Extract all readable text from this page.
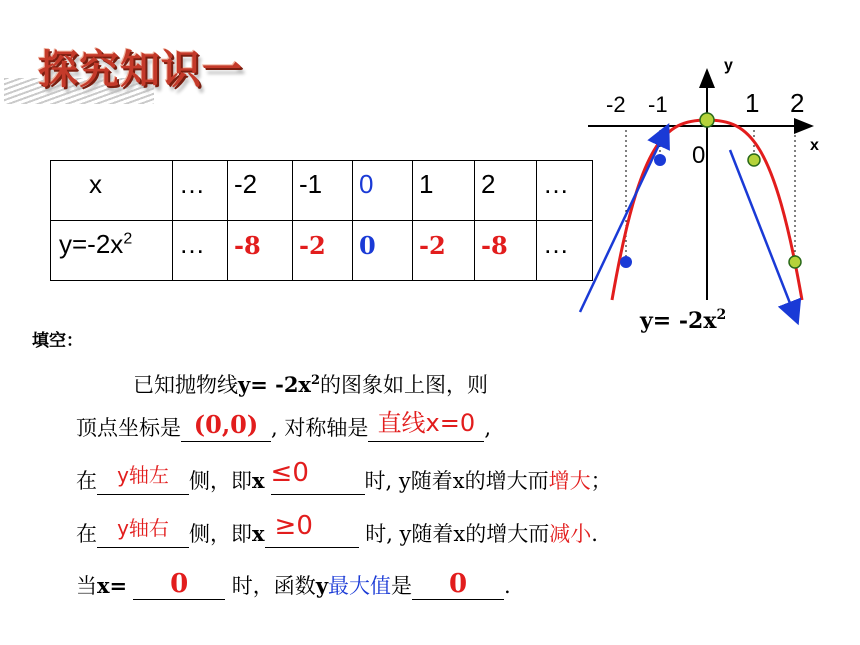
探究知识一
x	…	-2	-1	0	1	2	…
$y=-2x^2$	…	-8	-2	0	-2	-8	…
y
x
0
-2 -1	1 2
$y= -2x^2$
填空：
已知抛物线$y= -2x^2$的图象如上图，则
顶点坐标是 (0,0) , 对称轴是 直线x=0 ,
在	y轴左 侧，即x ≤0	时, y随着x的增大而增大；
在	y轴右 侧，即x ≥0	时, y随着x的增大而减小.
当x=	0	时，函数y最大值是	0	.
